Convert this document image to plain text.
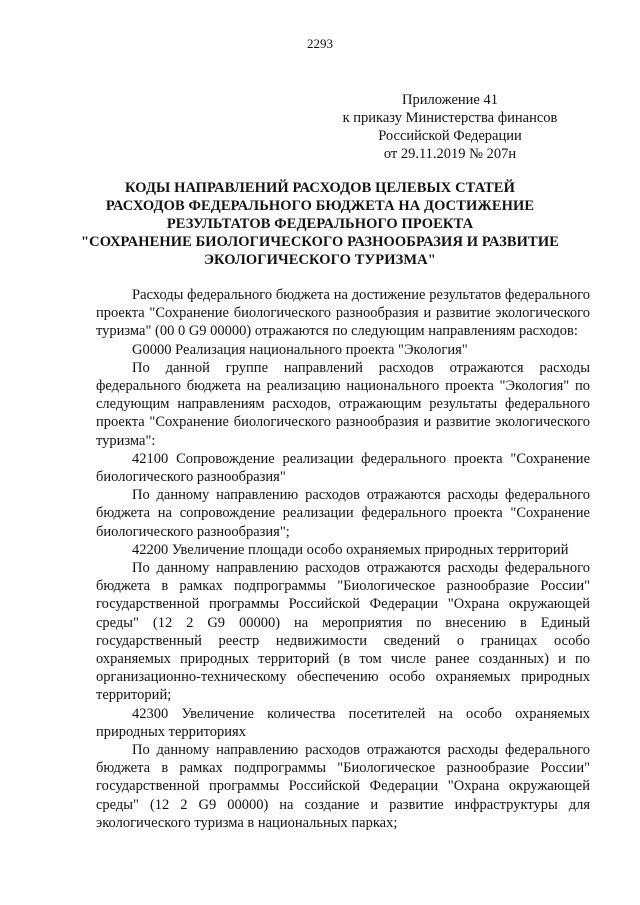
2293
Приложение 41
к приказу Министерства финансов
Российской Федерации
от 29.11.2019 № 207н
КОДЫ НАПРАВЛЕНИЙ РАСХОДОВ ЦЕЛЕВЫХ СТАТЕЙ
РАСХОДОВ ФЕДЕРАЛЬНОГО БЮДЖЕТА НА ДОСТИЖЕНИЕ
РЕЗУЛЬТАТОВ ФЕДЕРАЛЬНОГО ПРОЕКТА
"СОХРАНЕНИЕ БИОЛОГИЧЕСКОГО РАЗНООБРАЗИЯ И РАЗВИТИЕ
ЭКОЛОГИЧЕСКОГО ТУРИЗМА"

Расходы федерального бюджета на достижение результатов федерального проекта "Сохранение биологического разнообразия и развитие экологического туризма" (00 0 G9 00000) отражаются по следующим направлениям расходов:

G0000 Реализация национального проекта "Экология"

По данной группе направлений расходов отражаются расходы федерального бюджета на реализацию национального проекта "Экология" по следующим направлениям расходов, отражающим результаты федерального проекта "Сохранение биологического разнообразия и развитие экологического туризма":

42100 Сопровождение реализации федерального проекта "Сохранение биологического разнообразия"

По данному направлению расходов отражаются расходы федерального бюджета на сопровождение реализации федерального проекта "Сохранение биологического разнообразия";

42200 Увеличение площади особо охраняемых природных территорий

По данному направлению расходов отражаются расходы федерального бюджета в рамках подпрограммы "Биологическое разнообразие России" государственной программы Российской Федерации "Охрана окружающей среды" (12 2 G9 00000) на мероприятия по внесению в Единый государственный реестр недвижимости сведений о границах особо охраняемых природных территорий (в том числе ранее созданных) и по организационно-техническому обеспечению особо охраняемых природных территорий;

42300 Увеличение количества посетителей на особо охраняемых природных территориях

По данному направлению расходов отражаются расходы федерального бюджета в рамках подпрограммы "Биологическое разнообразие России" государственной программы Российской Федерации "Охрана окружающей среды" (12 2 G9 00000) на создание и развитие инфраструктуры для экологического туризма в национальных парках;
